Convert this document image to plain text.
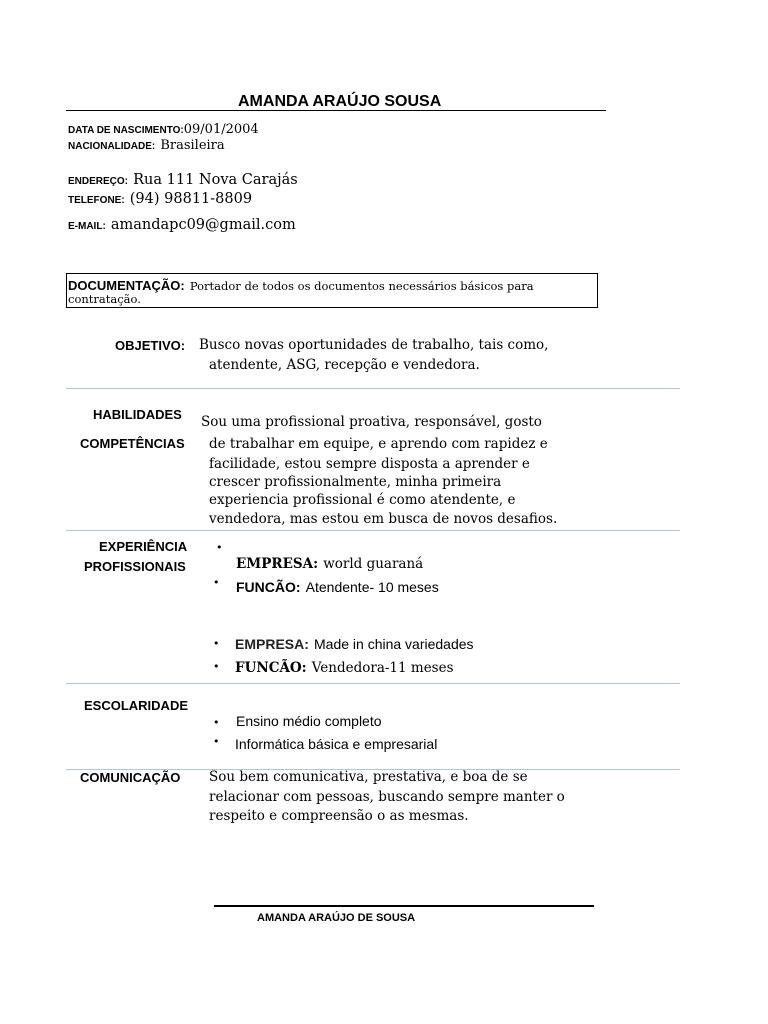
AMANDA ARAÚJO SOUSA
DATA DE NASCIMENTO:09/01/2004
NACIONALIDADE: Brasileira
ENDEREÇO: Rua 111 Nova Carajás
TELEFONE: (94) 98811-8809
E-MAIL: amandapc09@gmail.com
DOCUMENTAÇÃO: Portador de todos os documentos necessários básicos para
contratação.
OBJETIVO: Busco novas oportunidades de trabalho, tais como,
atendente, ASG, recepção e vendedora.
HABILIDADES
COMPETÊNCIAS
Sou uma profissional proativa, responsável, gosto
de trabalhar em equipe, e aprendo com rapidez e
facilidade, estou sempre disposta a aprender e
crescer profissionalmente, minha primeira
experiencia profissional é como atendente, e
vendedora, mas estou em busca de novos desafios.
EXPERIÊNCIA
PROFISSIONAIS
•
EMPRESA: world guaraná
• FUNCÃO: Atendente- 10 meses
• EMPRESA: Made in china variedades
• FUNCÃO: Vendedora-11 meses
ESCOLARIDADE
• Ensino médio completo
• Informática básica e empresarial
COMUNICAÇÃO Sou bem comunicativa, prestativa, e boa de se
relacionar com pessoas, buscando sempre manter o
respeito e compreensão o as mesmas.
AMANDA ARAÚJO DE SOUSA
